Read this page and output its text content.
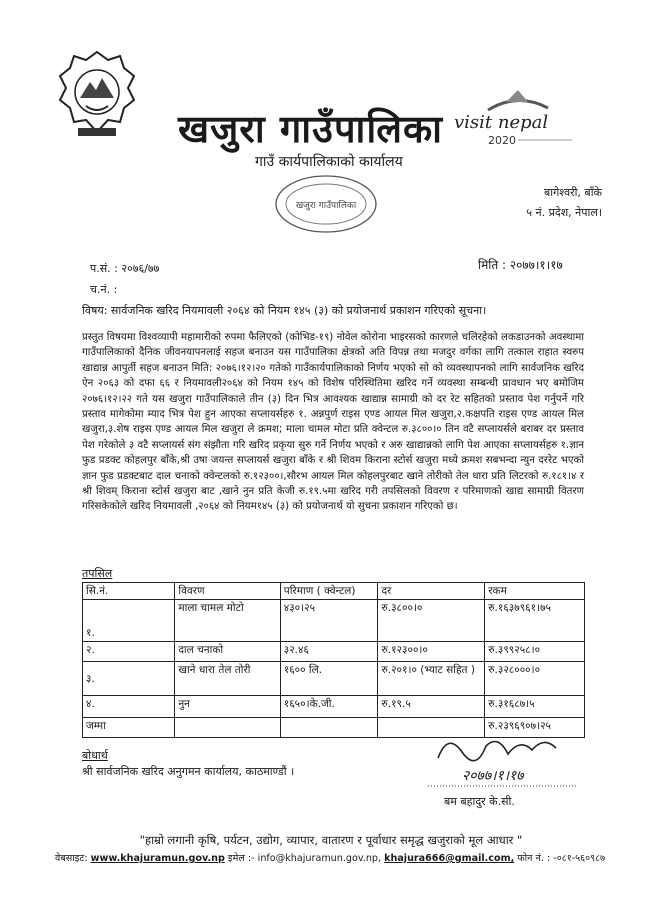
खजुरा गाउँपालिका
गाउँ कार्यपालिकाको कार्यालय
visit nepal
2020
खजुरा गाउँपालिका
बागेश्वरी, बाँके
५ नं. प्रदेश, नेपाल।
प.सं. : २०७६/७७
च.नं. :
मिति : २०७७।१।१७
विषय: सार्वजनिक खरिद नियमावली २०६४ को नियम १४५ (३) को प्रयोजनार्थ प्रकाशन गरिएको सूचना।
प्रस्तुत विषयमा विश्वव्यापी महामारीको रुपमा फैलिएको (कोभिड-१९) नोवेल कोरोना भाइरसको कारणले चलिरहेको लकडाउनको अवस्थामा गाउँपालिकाको दैनिक जीवनयापनलाई सहज बनाउन यस गाउँपालिका क्षेत्रको अति विपन्न तथा मजदुर वर्गका लागि तत्काल राहात स्वरुप खाद्यान्न आपुर्ती सहज बनाउन मिति: २०७६।१२।२० गतेको गाउँकार्यपालिकाको निर्णय भएको सो को व्यवस्थापनको लागि सार्वजनिक खरिद ऐन २०६३ को दफा ६६ र नियमावली२०६४ को नियम १४५ को विशेष परिस्थितिमा खरिद गर्ने व्यवस्था सम्बन्धी प्रावधान भए बमोजिम २०७६।१२।२२ गते यस खजुरा गाउँपालिकाले तीन (३) दिन भित्र आवश्यक खाद्यान्न सामाग्री को दर रेट सहितको प्रस्ताव पेश गर्नुपर्ने गरि प्रस्ताव मागेकोमा म्याद भित्र पेश हुन आएका सप्लायर्सहरु १. अन्नपुर्ण राइस एण्ड आयल मिल खजुरा,२.कक्षपति राइस एण्ड आयल मिल खजुरा,३.शेष राइस एण्ड आयल मिल खजुरा ले क्रमश; माला चामल मोटा प्रति क्वेन्टल रु.३८००।० तिन वटै सप्लायर्सले बराबर दर प्रस्ताव पेश गरेकोले ३ वटै सप्लायर्स संग संझौता गरि खरिद प्रकृया सुरु गर्ने निर्णय भएको र अरु खाद्यान्नको लागि पेश आएका सप्लायर्सहरु १.ज्ञान फुड प्रडक्ट कोहलपुर बाँके,श्री उषा जयन्त सप्लायर्स खजुरा बाँके र श्री शिवम किराना स्टोर्स खजुरा मध्ये क्रमश सबभन्दा न्युन दररेट भएको ज्ञान फुड प्रडक्टबाट दाल चनाको क्वेन्टलको रु.१२३००।,सौरभ आयल मिल कोहलपुरबाट खाने तोरीको तेल धारा प्रति लिटरको रु.१८१।४ र श्री शिवम् किराना स्टोर्स खजुरा बाट ,खाने नुन प्रति केजी रु.१९.५मा खरिद गरी तपसिलको विवरण र परिमाणको खाद्य सामाग्री वितरण गरिसकेकोले खरिद नियमावली ,२०६४ को नियम१४५ (३) को प्रयोजनार्थ यो सुचना प्रकाशन गरिएको छ।
तपसिल
सि.नं.	विवरण	परिमाण ( क्वेन्टल)	दर	रकम
१.	माला चामल मोटो	४३०।२५	रु.३८००।०	रु.१६३७९६१।७५
२.	दाल चनाको	३२.४६	रु.१२३००।०	रु.३९९२५८।०
३.	खाने धारा तेल तोरी	१६०० लि.	रु.२०१।० (भ्याट सहित )	रु.३२८०००।०
४.	नुन	१६५०।के.जी.	रु.१९.५	रु.३१६८७।५
जम्मा				रु.२३९६९०७।२५
बोधार्थ
श्री सार्वजनिक खरिद अनुगमन कार्यालय, काठमाण्डौं ।	२०७७।१।१७
बम बहादुर के.सी.
"हाम्रो लगानी कृषि, पर्यटन, उद्योग, व्यापार, वातारण र पूर्वाधार समृद्ध खजुराको मूल आधार "
वेबसाइट: www.khajuramun.gov.np इमेल :- info@khajuramun.gov.np, khajura666@gmail.com, फोन नं. : -०८१-५६०९८७
